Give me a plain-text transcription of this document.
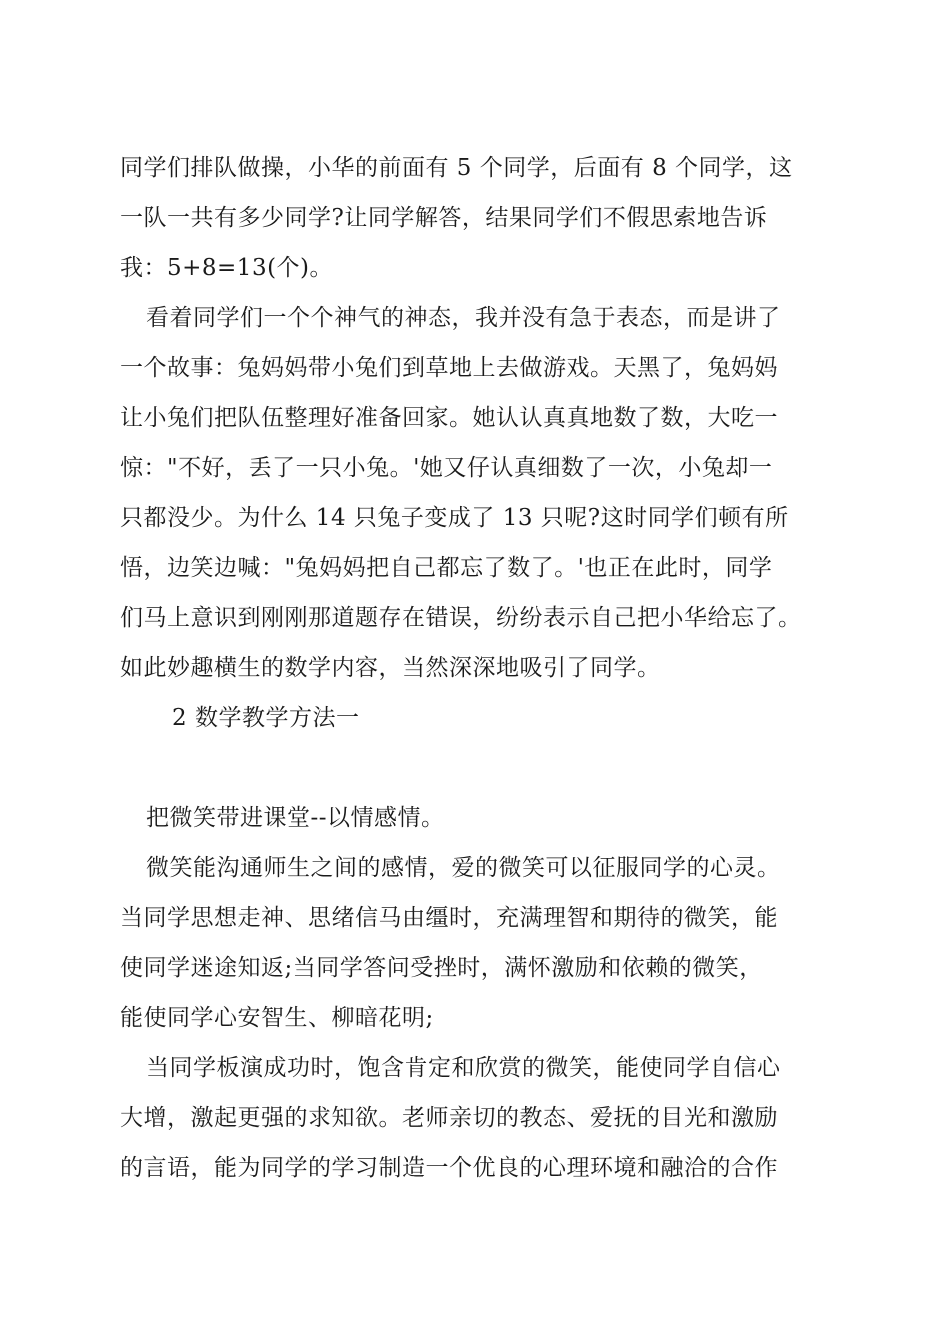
同学们排队做操，小华的前面有 5 个同学，后面有 8 个同学，这
一队一共有多少同学?让同学解答，结果同学们不假思索地告诉
我：5+8=13(个)。
看着同学们一个个神气的神态，我并没有急于表态，而是讲了
一个故事：兔妈妈带小兔们到草地上去做游戏。天黑了，兔妈妈
让小兔们把队伍整理好准备回家。她认认真真地数了数，大吃一
惊："不好，丢了一只小兔。'她又仔认真细数了一次，小兔却一
只都没少。为什么 14 只兔子变成了 13 只呢?这时同学们顿有所
悟，边笑边喊："兔妈妈把自己都忘了数了。'也正在此时，同学
们马上意识到刚刚那道题存在错误，纷纷表示自己把小华给忘了。
如此妙趣横生的数学内容，当然深深地吸引了同学。
2 数学教学方法一
把微笑带进课堂--以情感情。
微笑能沟通师生之间的感情，爱的微笑可以征服同学的心灵。
当同学思想走神、思绪信马由缰时，充满理智和期待的微笑，能
使同学迷途知返;当同学答问受挫时，满怀激励和依赖的微笑，
能使同学心安智生、柳暗花明;
当同学板演成功时，饱含肯定和欣赏的微笑，能使同学自信心
大增，激起更强的求知欲。老师亲切的教态、爱抚的目光和激励
的言语，能为同学的学习制造一个优良的心理环境和融洽的合作
